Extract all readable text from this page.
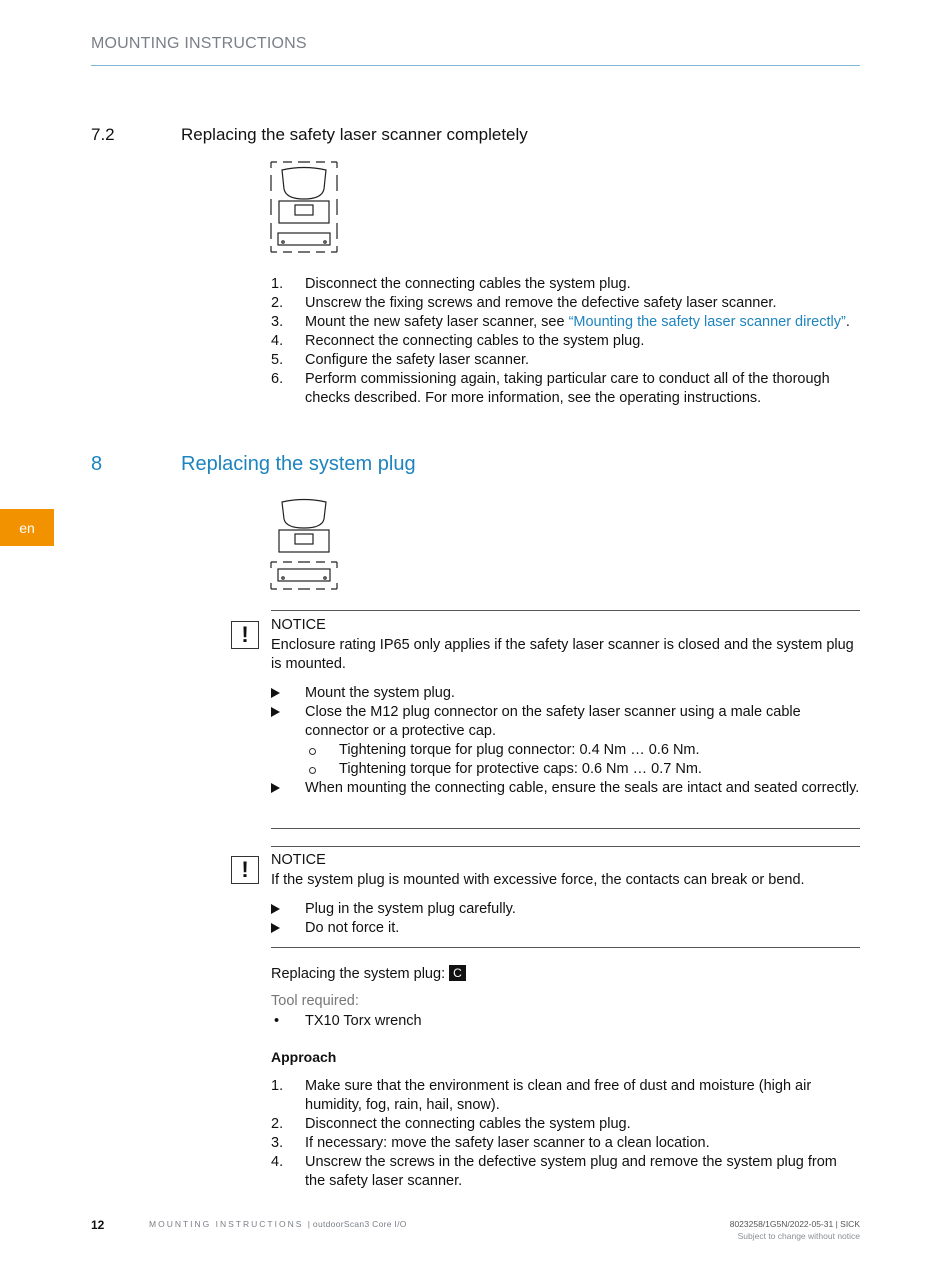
MOUNTING INSTRUCTIONS
7.2	Replacing the safety laser scanner completely
1. Disconnect the connecting cables the system plug.
2. Unscrew the fixing screws and remove the defective safety laser scanner.
3. Mount the new safety laser scanner, see “Mounting the safety laser scanner directly”.
4. Reconnect the connecting cables to the system plug.
5. Configure the safety laser scanner.
6. Perform commissioning again, taking particular care to conduct all of the thorough checks described. For more information, see the operating instructions.
8	Replacing the system plug
en
!	NOTICE
Enclosure rating IP65 only applies if the safety laser scanner is closed and the system plug is mounted.
Mount the system plug.
Close the M12 plug connector on the safety laser scanner using a male cable connector or a protective cap.
Tightening torque for plug connector: 0.4 Nm … 0.6 Nm.
Tightening torque for protective caps: 0.6 Nm … 0.7 Nm.
When mounting the connecting cable, ensure the seals are intact and seated correctly.
!	NOTICE
If the system plug is mounted with excessive force, the contacts can break or bend.
Plug in the system plug carefully.
Do not force it.
Replacing the system plug: C
Tool required:
• TX10 Torx wrench
Approach
1. Make sure that the environment is clean and free of dust and moisture (high air humidity, fog, rain, hail, snow).
2. Disconnect the connecting cables the system plug.
3. If necessary: move the safety laser scanner to a clean location.
4. Unscrew the screws in the defective system plug and remove the system plug from the safety laser scanner.
12	MOUNTING INSTRUCTIONS | outdoorScan3 Core I/O	8023258/1G5N/2022-05-31 | SICK
Subject to change without notice
